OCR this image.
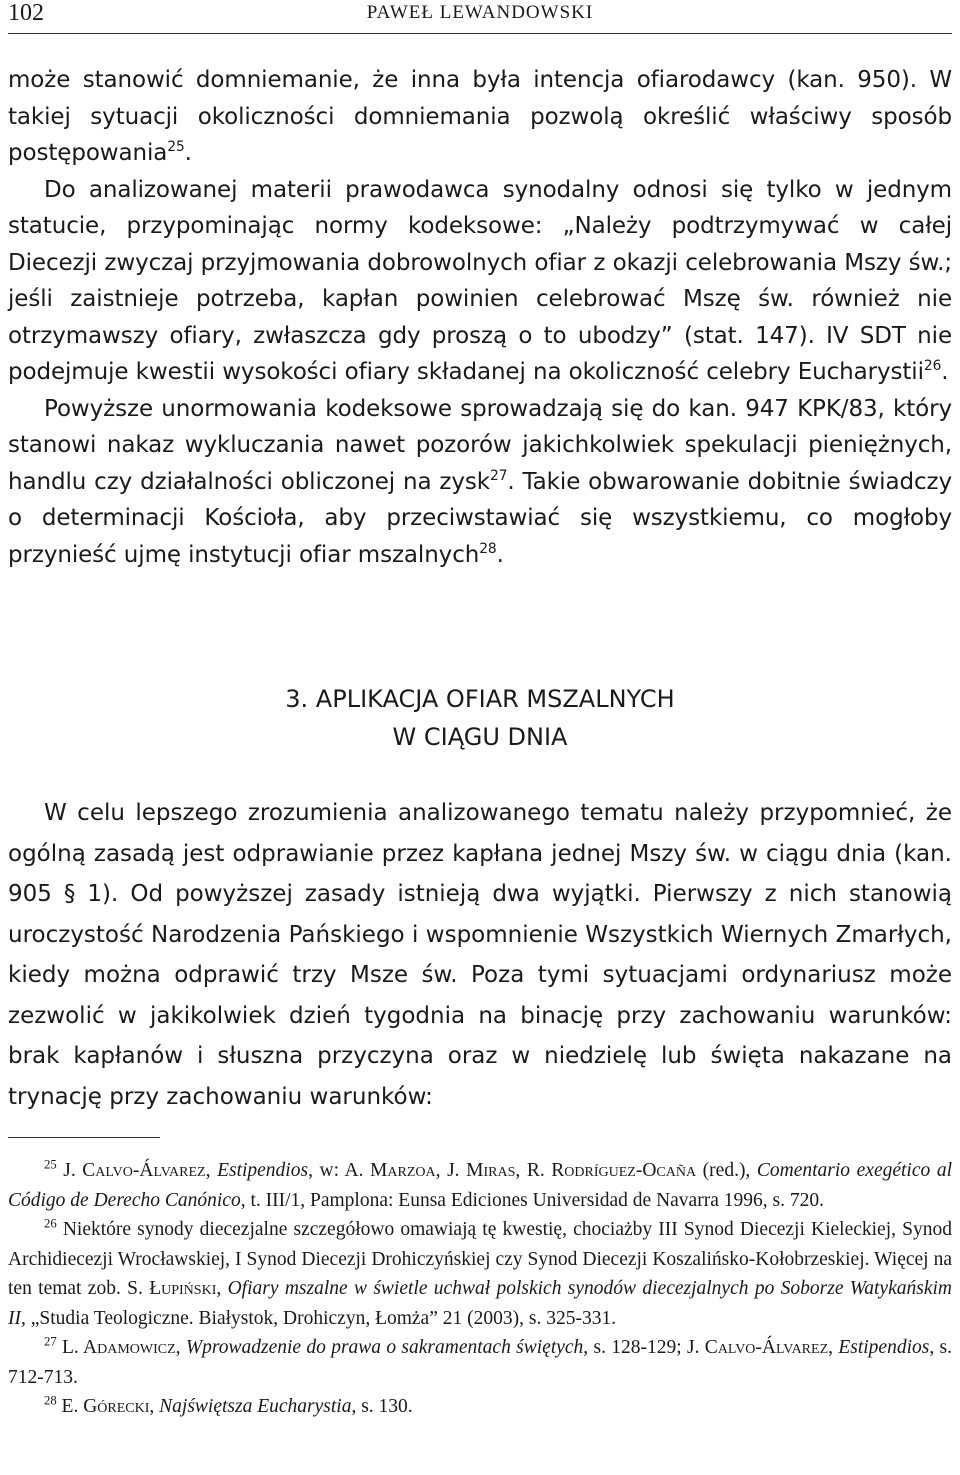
102	PAWEŁ LEWANDOWSKI

może stanowić domniemanie, że inna była intencja ofiarodawcy (kan. 950). W takiej sytuacji okoliczności domniemania pozwolą określić właściwy sposób postępowania$^{25}$.

Do analizowanej materii prawodawca synodalny odnosi się tylko w jednym statucie, przypominając normy kodeksowe: „Należy podtrzymywać w całej Diecezji zwyczaj przyjmowania dobrowolnych ofiar z okazji celebrowania Mszy św.; jeśli zaistnieje potrzeba, kapłan powinien celebrować Mszę św. również nie otrzymawszy ofiary, zwłaszcza gdy proszą o to ubodzy” (stat. 147). IV SDT nie podejmuje kwestii wysokości ofiary składanej na okoliczność celebry Eucharystii$^{26}$.

Powyższe unormowania kodeksowe sprowadzają się do kan. 947 KPK/83, który stanowi nakaz wykluczania nawet pozorów jakichkolwiek spekulacji pieniężnych, handlu czy działalności obliczonej na zysk$^{27}$. Takie obwarowanie dobitnie świadczy o determinacji Kościoła, aby przeciwstawiać się wszystkiemu, co mogłoby przynieść ujmę instytucji ofiar mszalnych$^{28}$.

3. APLIKACJA OFIAR MSZALNYCH
W CIĄGU DNIA

W celu lepszego zrozumienia analizowanego tematu należy przypomnieć, że ogólną zasadą jest odprawianie przez kapłana jednej Mszy św. w ciągu dnia (kan. 905 § 1). Od powyższej zasady istnieją dwa wyjątki. Pierwszy z nich stanowią uroczystość Narodzenia Pańskiego i wspomnienie Wszystkich Wiernych Zmarłych, kiedy można odprawić trzy Msze św. Poza tymi sytuacjami ordynariusz może zezwolić w jakikolwiek dzień tygodnia na binację przy zachowaniu warunków: brak kapłanów i słuszna przyczyna oraz w niedzielę lub święta nakazane na trynację przy zachowaniu warunków:

$^{25}$ J. Calvo-Álvarez, Estipendios, w: A. Marzoa, J. Miras, R. Rodríguez-Ocaña (red.), Comentario exegético al Código de Derecho Canónico, t. III/1, Pamplona: Eunsa Ediciones Universidad de Navarra 1996, s. 720.

$^{26}$ Niektóre synody diecezjalne szczegółowo omawiają tę kwestię, chociażby III Synod Diecezji Kieleckiej, Synod Archidiecezji Wrocławskiej, I Synod Diecezji Drohiczyńskiej czy Synod Diecezji Koszalińsko-Kołobrzeskiej. Więcej na ten temat zob. S. Łupiński, Ofiary mszalne w świetle uchwał polskich synodów diecezjalnych po Soborze Watykańskim II, „Studia Teologiczne. Białystok, Drohiczyn, Łomża” 21 (2003), s. 325-331.

$^{27}$ L. Adamowicz, Wprowadzenie do prawa o sakramentach świętych, s. 128-129; J. Calvo-Álvarez, Estipendios, s. 712-713.

$^{28}$ E. Górecki, Najświętsza Eucharystia, s. 130.
